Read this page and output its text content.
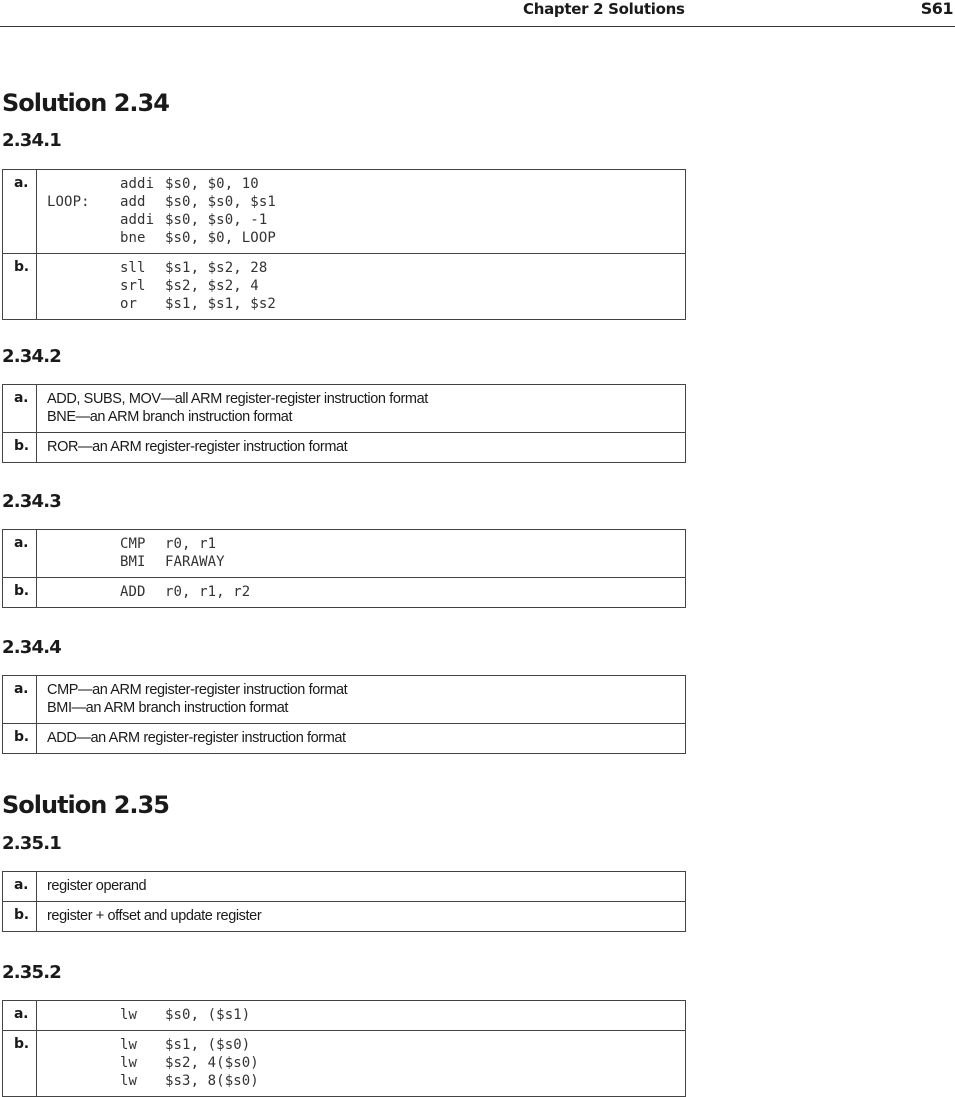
Chapter 2 Solutions	S61
Solution 2.34
2.34.1
a.	addi $s0, $0, 10
LOOP: add $s0, $s0, $s1
addi $s0, $s0, -1
bne $s0, $0, LOOP
b.	sll $s1, $s2, 28
srl $s2, $s2, 4
or $s1, $s1, $s2
2.34.2
a.	ADD, SUBS, MOV—all ARM register-register instruction format

BNE—an ARM branch instruction format

b.	ROR—an ARM register-register instruction format

2.34.3
a.	CMP r0, r1
BMI FARAWAY
b.	ADD r0, r1, r2
2.34.4
a.	CMP—an ARM register-register instruction format

BMI—an ARM branch instruction format

b.	ADD—an ARM register-register instruction format

Solution 2.35
2.35.1
a.	register operand

b.	register + offset and update register

2.35.2
a.	lw $s0, ($s1)
b.	lw $s1, ($s0)
lw $s2, 4($s0)
lw $s3, 8($s0)
